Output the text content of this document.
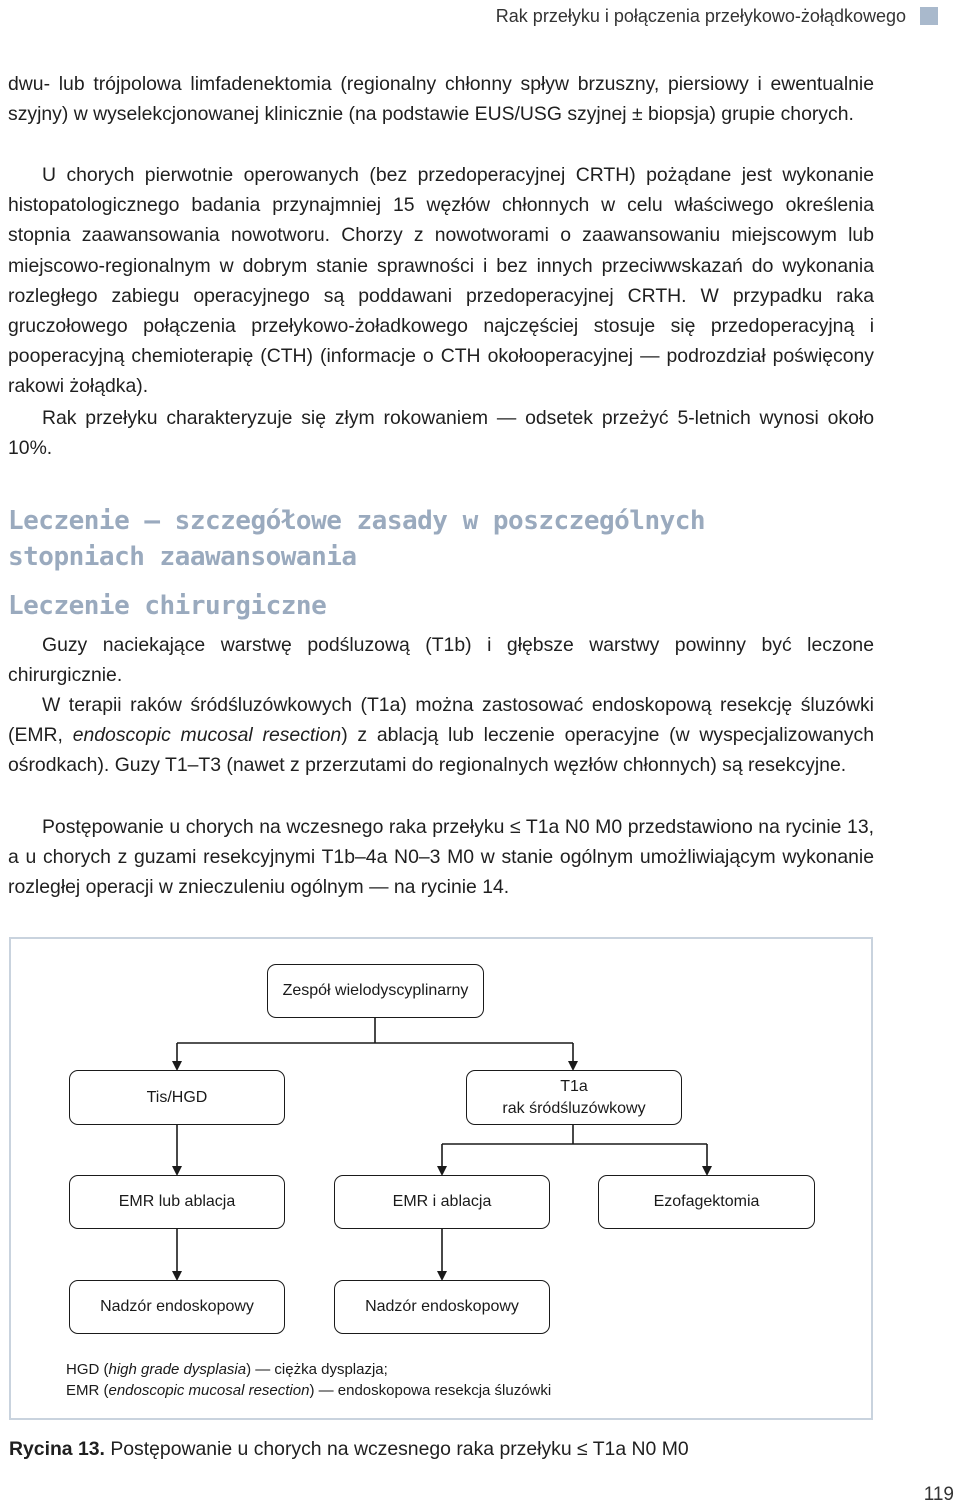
Rak przełyku i połączenia przełykowo-żołądkowego

dwu- lub trójpolowa limfadenektomia (regionalny chłonny spływ brzuszny, piersiowy i ewentualnie szyjny) w wyselekcjonowanej klinicznie (na podstawie EUS/USG szyjnej ± biopsja) grupie chorych.

U chorych pierwotnie operowanych (bez przedoperacyjnej CRTH) pożądane jest wykonanie histopatologicznego badania przynajmniej 15 węzłów chłonnych w celu właściwego określenia stopnia zaawansowania nowotworu. Chorzy z nowotworami o zaawansowaniu miejscowym lub miejscowo-regionalnym w dobrym stanie sprawności i bez innych przeciwwskazań do wykonania rozległego zabiegu operacyjnego są poddawani przedoperacyjnej CRTH. W przypadku raka gruczołowego połączenia przełykowo-żoładkowego najczęściej stosuje się przedoperacyjną i pooperacyjną chemioterapię (CTH) (informacje o CTH okołooperacyjnej — podrozdział poświęcony rakowi żołądka).

Rak przełyku charakteryzuje się złym rokowaniem — odsetek przeżyć 5-letnich wynosi około 10%.

Leczenie — szczegółowe zasady w poszczególnych
stopniach zaawansowania
Leczenie chirurgiczne

Guzy naciekające warstwę podśluzową (T1b) i głębsze warstwy powinny być leczone chirurgicznie.

W terapii raków śródśluzówkowych (T1a) można zastosować endoskopową resekcję śluzówki (EMR, endoscopic mucosal resection) z ablacją lub leczenie operacyjne (w wyspecjalizowanych ośrodkach). Guzy T1–T3 (nawet z przerzutami do regionalnych węzłów chłonnych) są resekcyjne.

Postępowanie u chorych na wczesnego raka przełyku ≤ T1a N0 M0 przedstawiono na rycinie 13, a u chorych z guzami resekcyjnymi T1b–4a N0–3 M0 w stanie ogólnym umożliwiającym wykonanie rozległej operacji w znieczuleniu ogólnym — na rycinie 14.

Zespół wielodyscyplinarny
Tis/HGD
T1a
rak śródśluzówkowy
EMR lub ablacja	EMR i ablacja	Ezofagektomia
Nadzór endoskopowy	Nadzór endoskopowy
HGD (high grade dysplasia) — ciężka dysplazja;
EMR (endoscopic mucosal resection) — endoskopowa resekcja śluzówki
Rycina 13. Postępowanie u chorych na wczesnego raka przełyku ≤ T1a N0 M0
119
